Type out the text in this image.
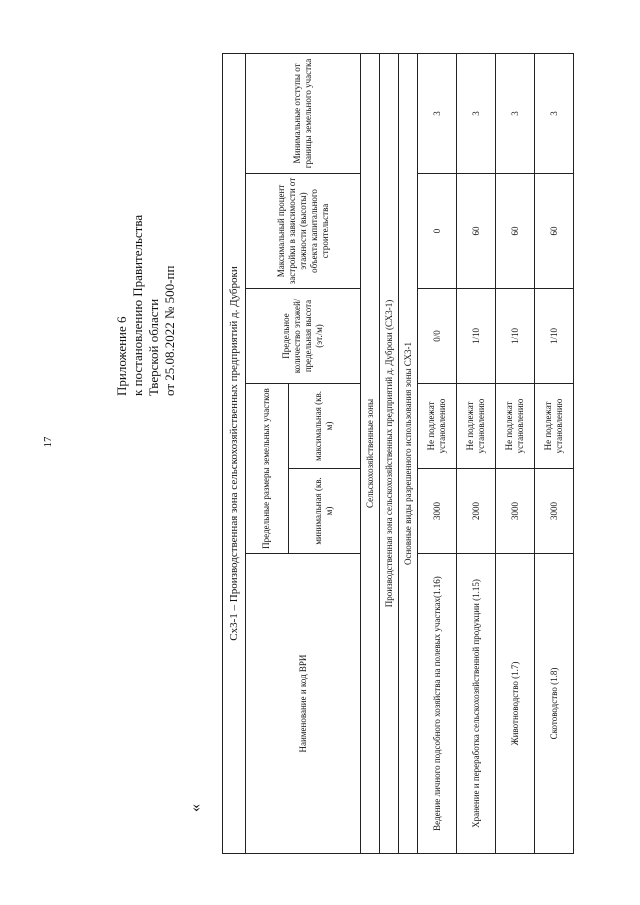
17
«
Приложение 6 к постановлению Правительства Тверской области от 25.08.2022 № 500-пп	Сх3-1 – Производственная зона сельскохозяйственных предприятий д. Дуброки					
Наименование и код ВРИ	Предельные размеры земельных участков		Предельное количество этажей/ предельная высота (эт./м)	Максимальный процент застройки в зависимости от этажности (высоты) объекта капитального строительства	Минимальные отступы от границы земельного участка
	минимальная (кв. м)	максимальная (кв. м)			
Сельскохозяйственные зоны					
Производственная зона сельскохозяйственных предприятий д. Дуброки (СХ3-1)					
Основные виды разрешенного использования зоны СХ3-1					
Ведение личного подсобного хозяйства на полевых участках(1.16)	3000	Не подлежат установлению	0/0	0	3
Хранение и переработка сельскохозяйственной продукции (1.15)	2000	Не подлежат установлению	1/10	60	3
Животноводство (1.7)	3000	Не подлежат установлению	1/10	60	3
Скотоводство (1.8)	3000	Не подлежат установлению	1/10	60	3
